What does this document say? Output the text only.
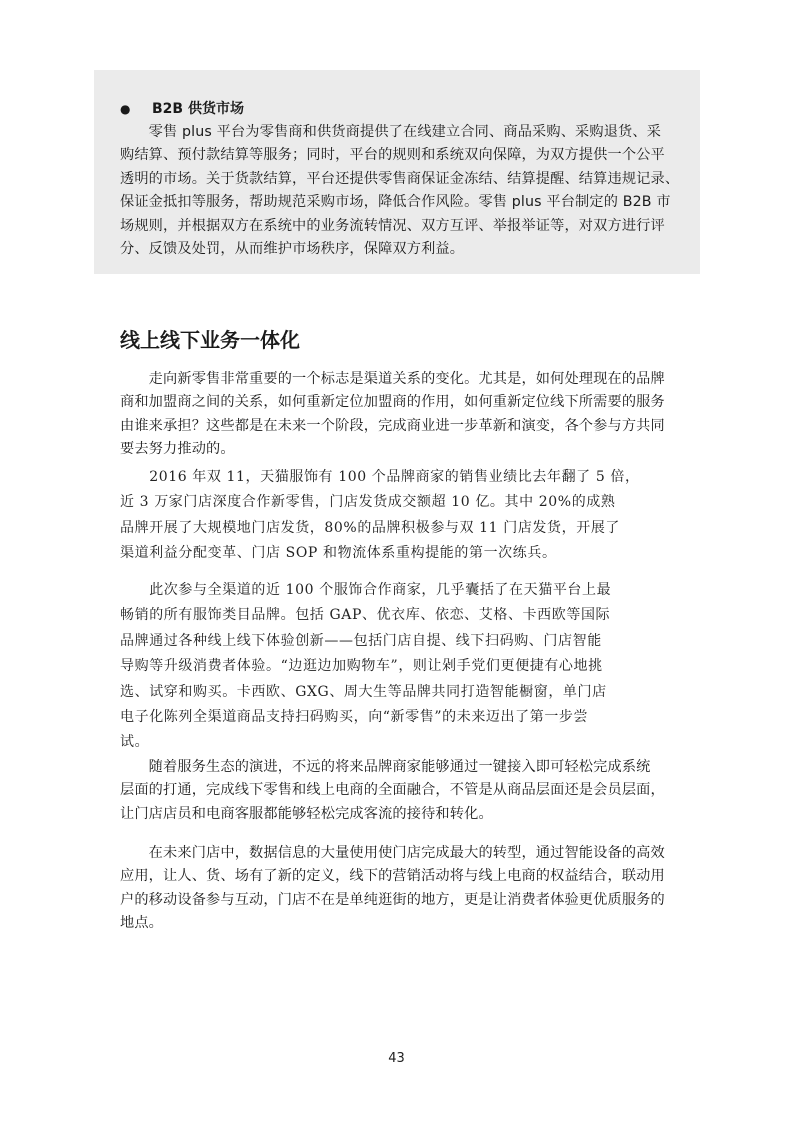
● B2B 供货市场
　　零售 plus 平台为零售商和供货商提供了在线建立合同、商品采购、采购退货、采
购结算、预付款结算等服务；同时，平台的规则和系统双向保障，为双方提供一个公平
透明的市场。关于货款结算，平台还提供零售商保证金冻结、结算提醒、结算违规记录、
保证金抵扣等服务，帮助规范采购市场，降低合作风险。零售 plus 平台制定的 B2B 市
场规则，并根据双方在系统中的业务流转情况、双方互评、举报举证等，对双方进行评
分、反馈及处罚，从而维护市场秩序，保障双方利益。
线上线下业务一体化
　　走向新零售非常重要的一个标志是渠道关系的变化。尤其是，如何处理现在的品牌
商和加盟商之间的关系，如何重新定位加盟商的作用，如何重新定位线下所需要的服务
由谁来承担？这些都是在未来一个阶段，完成商业进一步革新和演变，各个参与方共同
要去努力推动的。
　　2016 年双 11，天猫服饰有 100 个品牌商家的销售业绩比去年翻了 5 倍，
近 3 万家门店深度合作新零售，门店发货成交额超 10 亿。其中 20%的成熟
品牌开展了大规模地门店发货，80%的品牌积极参与双 11 门店发货，开展了
渠道利益分配变革、门店 SOP 和物流体系重构提能的第一次练兵。
　　此次参与全渠道的近 100 个服饰合作商家，几乎囊括了在天猫平台上最
畅销的所有服饰类目品牌。包括 GAP、优衣库、依恋、艾格、卡西欧等国际
品牌通过各种线上线下体验创新——包括门店自提、线下扫码购、门店智能
导购等升级消费者体验。“边逛边加购物车”，则让剁手党们更便捷有心地挑
选、试穿和购买。卡西欧、GXG、周大生等品牌共同打造智能橱窗，单门店
电子化陈列全渠道商品支持扫码购买，向“新零售”的未来迈出了第一步尝
试。
　　随着服务生态的演进，不远的将来品牌商家能够通过一键接入即可轻松完成系统
层面的打通，完成线下零售和线上电商的全面融合，不管是从商品层面还是会员层面，
让门店店员和电商客服都能够轻松完成客流的接待和转化。
　　在未来门店中，数据信息的大量使用使门店完成最大的转型，通过智能设备的高效
应用，让人、货、场有了新的定义，线下的营销活动将与线上电商的权益结合，联动用
户的移动设备参与互动，门店不在是单纯逛街的地方，更是让消费者体验更优质服务的
地点。
43
